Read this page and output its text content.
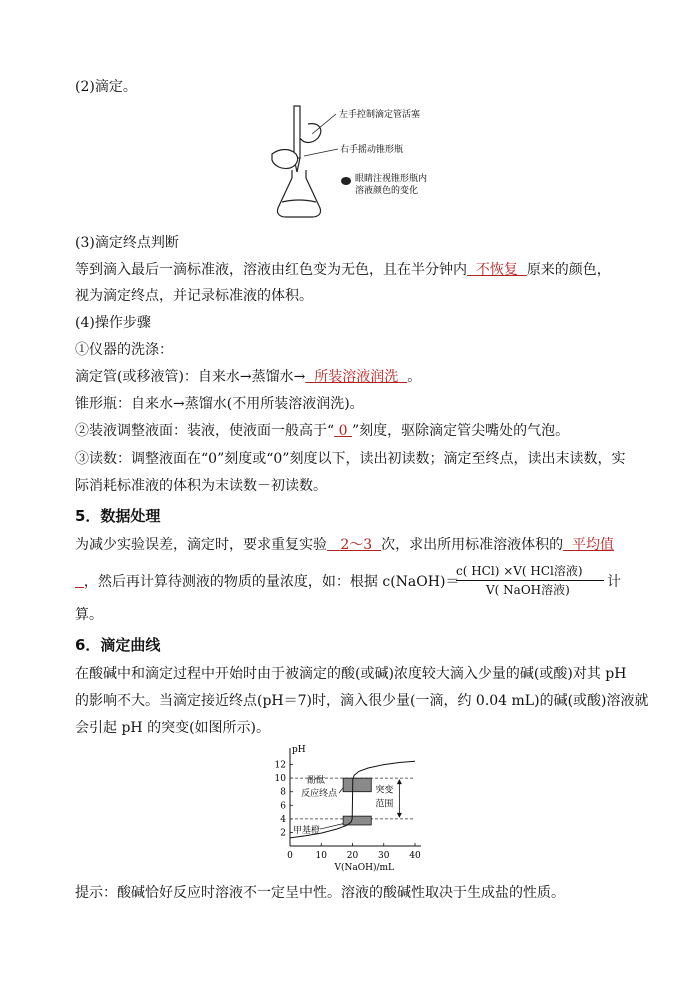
(2)滴定。
左手控制滴定管活塞
右手摇动锥形瓶
眼睛注视锥形瓶内
溶液颜色的变化
(3)滴定终点判断
等到滴入最后一滴标准液，溶液由红色变为无色，且在半分钟内 不恢复 原来的颜色，
视为滴定终点，并记录标准液的体积。
(4)操作步骤
①仪器的洗涤：
滴定管(或移液管)：自来水→蒸馏水→ 所装溶液润洗 。
锥形瓶：自来水→蒸馏水(不用所装溶液润洗)。
②装液调整液面：装液，使液面一般高于“ 0 ”刻度，驱除滴定管尖嘴处的气泡。
③读数：调整液面在“0”刻度或“0”刻度以下，读出初读数；滴定至终点，读出末读数，实
际消耗标准液的体积为末读数－初读数。
5．数据处理
为减少实验误差，滴定时，要求重复实验 2～3 次，求出所用标准溶液体积的 平均值
，然后再计算待测液的物质的量浓度，如：根据 c(NaOH)＝
c( HCl) ×V( HCl溶液)
V( NaOH溶液)	计
算。
6．滴定曲线
在酸碱中和滴定过程中开始时由于被滴定的酸(或碱)浓度较大滴入少量的碱(或酸)对其 pH
的影响不大。当滴定接近终点(pH＝7)时，滴入很少量(一滴，约 0.04 mL)的碱(或酸)溶液就
会引起 pH 的突变(如图所示)。
pH
V(NaOH)/mL
0	10 20 30 40
2
4
6
8
10
12
酚酞
反应终点
甲基橙
突变
范围
提示：酸碱恰好反应时溶液不一定呈中性。溶液的酸碱性取决于生成盐的性质。
